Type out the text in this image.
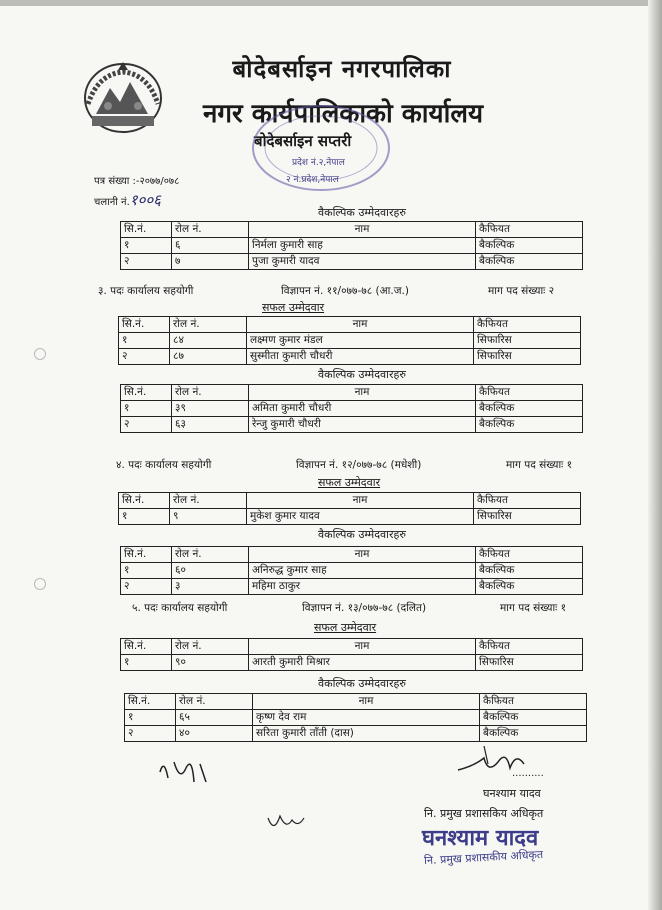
बोदेबर्साइन नगरपालिका
नगर कार्यपालिकाको कार्यालय
बोदेबर्साइन सप्तरी
प्रदेश नं.२,नेपाल
२ नं.प्रदेश,नेपाल
पत्र संख्या :-२०७७/०७८
चलानी नं.१००६
वैकल्पिक उम्मेदवारहरु
सि.नं.	रोल नं.	नाम	कैफियत
१	६	निर्मला कुमारी साह	बैकल्पिक
२	७	पुजा कुमारी यादव	बैकल्पिक
३. पदः कार्यालय सहयोगी	विज्ञापन नं. ११/०७७-७८ (आ.ज.)	माग पद संख्याः २
सफल उम्मेदवार
सि.नं.	रोल नं.	नाम	कैफियत
१	८४	लक्ष्मण कुमार मंडल	सिफारिस
२	८७	सुस्मीता कुमारी चौधरी	सिफारिस
वैकल्पिक उम्मेदवारहरु
सि.नं.	रोल नं.	नाम	कैफियत
१	३९	अमिता कुमारी चौधरी	बैकल्पिक
२	६३	रेन्जु कुमारी चौधरी	बैकल्पिक
४. पदः कार्यालय सहयोगी	विज्ञापन नं. १२/०७७-७८ (मधेशी)	माग पद संख्याः १
सफल उम्मेदवार
सि.नं.	रोल नं.	नाम	कैफियत
१	९	मुकेश कुमार यादव	सिफारिस
वैकल्पिक उम्मेदवारहरु
सि.नं.	रोल नं.	नाम	कैफियत
१	६०	अनिरुद्ध कुमार साह	बैकल्पिक
२	३	महिमा ठाकुर	बैकल्पिक
५. पदः कार्यालय सहयोगी	विज्ञापन नं. १३/०७७-७८ (दलित)	माग पद संख्याः १
सफल उम्मेदवार
सि.नं.	रोल नं.	नाम	कैफियत
१	९०	आरती कुमारी मिश्रार	सिफारिस
वैकल्पिक उम्मेदवारहरु
सि.नं.	रोल नं.	नाम	कैफियत
१	६५	कृष्ण देव राम	बैकल्पिक
२	४०	सरिता कुमारी ताँती (दास)	बैकल्पिक
..........
घनश्याम यादव
नि. प्रमुख प्रशासकिय अधिकृत
घनश्याम यादव
नि. प्रमुख प्रशासकीय अधिकृत
